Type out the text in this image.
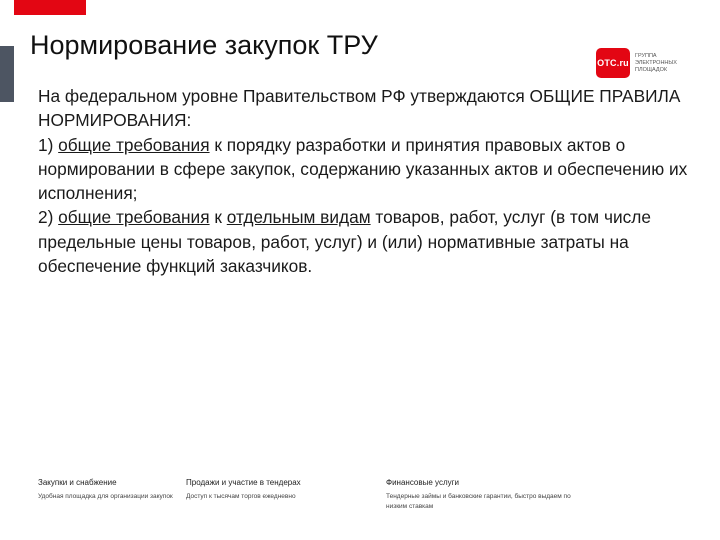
Нормирование закупок ТРУ
ОТС.ru
ГРУППА
ЭЛЕКТРОННЫХ
ПЛОЩАДОК

На федеральном уровне Правительством РФ утверждаются ОБЩИЕ ПРАВИЛА НОРМИРОВАНИЯ:

1) общие требования к порядку разработки и принятия правовых актов о нормировании в сфере закупок, содержанию указанных актов и обеспечению их исполнения;

2) общие требования к отдельным видам товаров, работ, услуг (в том числе предельные цены товаров, работ, услуг) и (или) нормативные затраты на обеспечение функций заказчиков.

Закупки и снабжение
Удобная площадка для организации закупок
Продажи и участие в тендерах
Доступ к тысячам торгов ежедневно
Финансовые услуги
Тендерные займы и банковские гарантии, быстро выдаем по низким ставкам
